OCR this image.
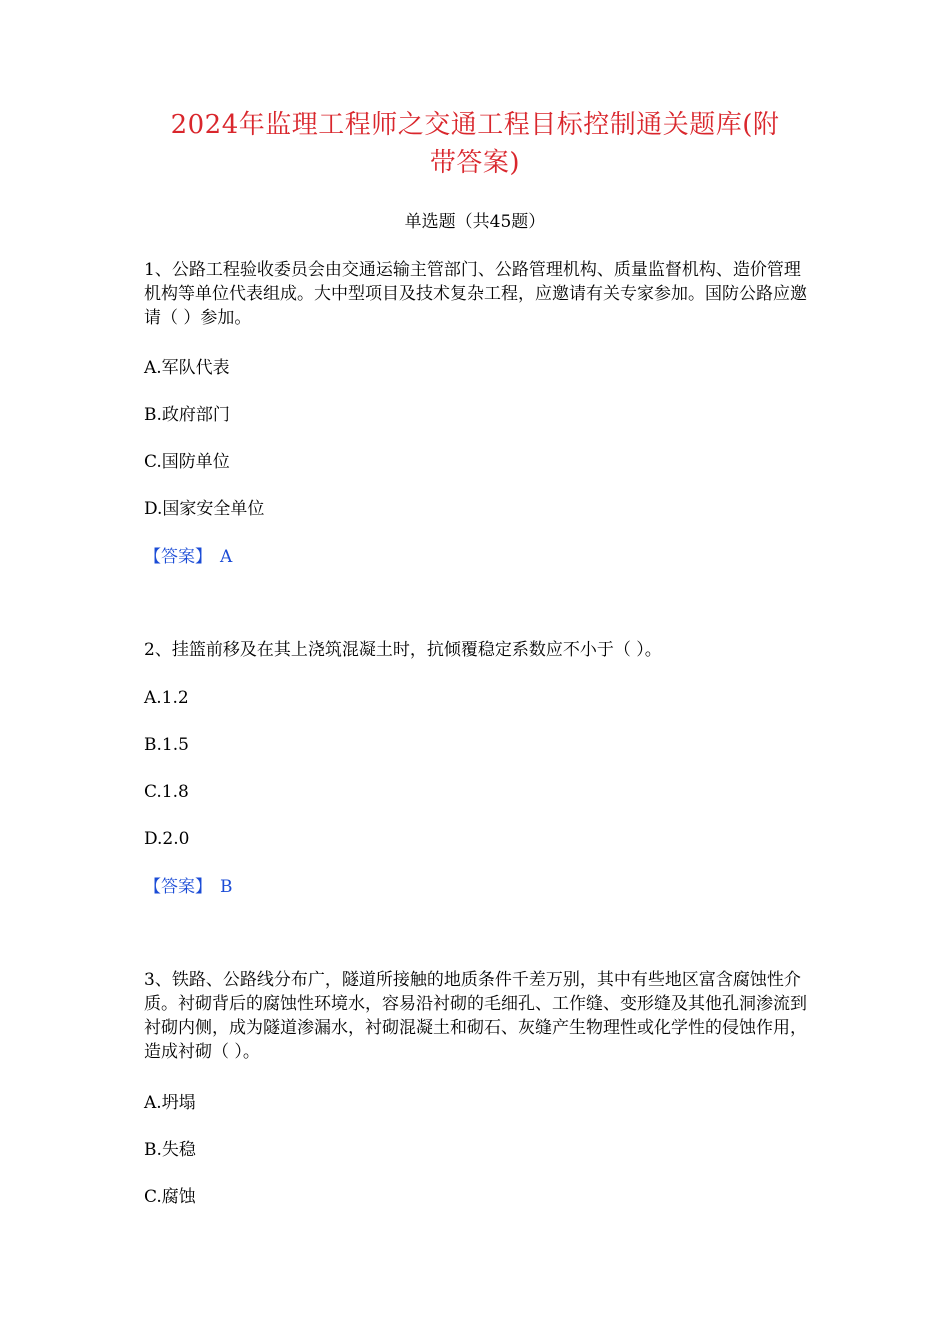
2024年监理工程师之交通工程目标控制通关题库(附
带答案)
单选题（共45题）

1、公路工程验收委员会由交通运输主管部门、公路管理机构、质量监督机构、造价管理机构等单位代表组成。大中型项目及技术复杂工程，应邀请有关专家参加。国防公路应邀请（ ）参加。

A.军队代表
B.政府部门
C.国防单位
D.国家安全单位
【答案】 A

2、挂篮前移及在其上浇筑混凝土时，抗倾覆稳定系数应不小于（ ）。

A.1.2
B.1.5
C.1.8
D.2.0
【答案】 B

3、铁路、公路线分布广，隧道所接触的地质条件千差万别，其中有些地区富含腐蚀性介质。衬砌背后的腐蚀性环境水，容易沿衬砌的毛细孔、工作缝、变形缝及其他孔洞渗流到衬砌内侧，成为隧道渗漏水，衬砌混凝土和砌石、灰缝产生物理性或化学性的侵蚀作用，造成衬砌（ ）。

A.坍塌
B.失稳
C.腐蚀
